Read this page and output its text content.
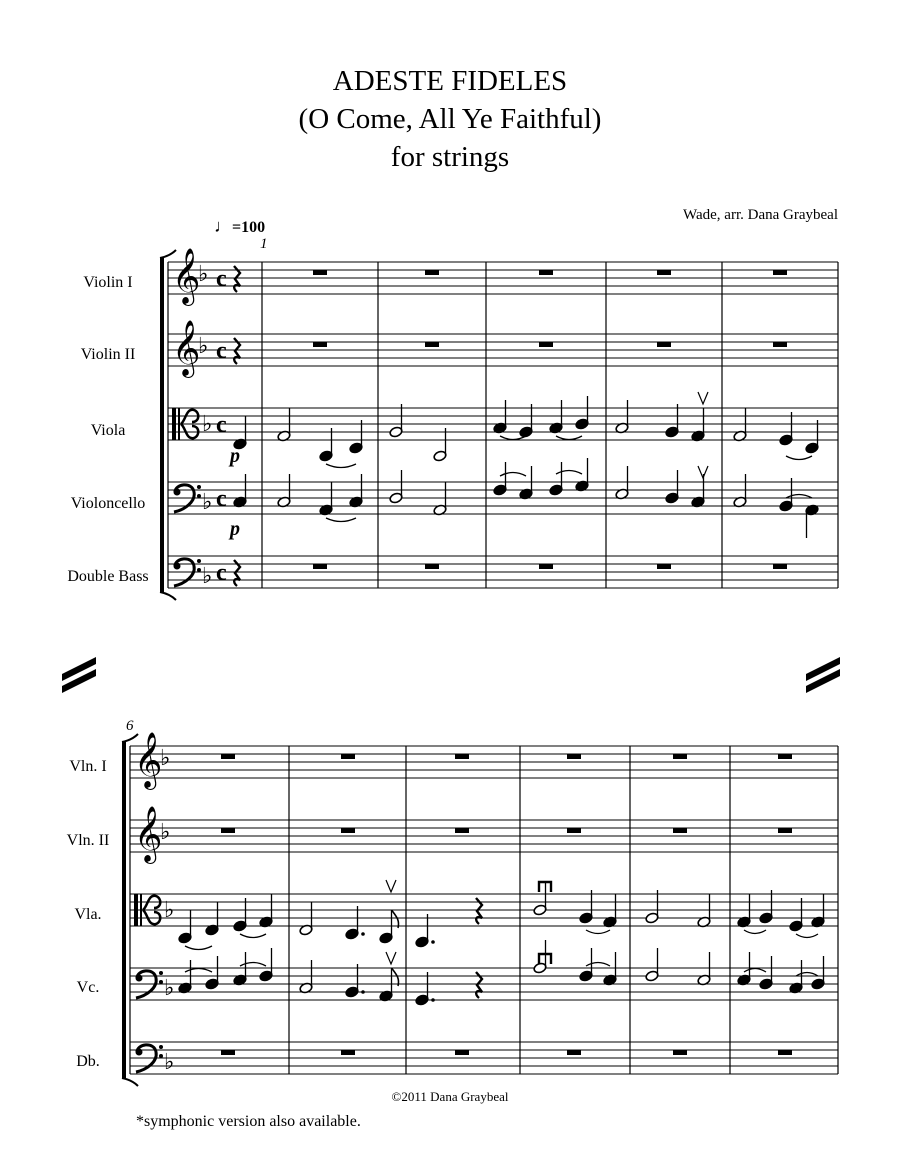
ADESTE FIDELES
(O Come, All Ye Faithful)
for strings
Wade, arr. Dana Graybeal
♩=100
1
6
Violin I
Violin II
Viola
Violoncello
Double Bass
Vln. I
Vln. II
Vla.
Vc.
Db.
𝄞
♭ c
𝄞
♭ c
♭ c
♭ c
♭ c
𝄞
♭
𝄞
♭
♭
♭
♭
p
p
©2011 Dana Graybeal
*symphonic version also available.
